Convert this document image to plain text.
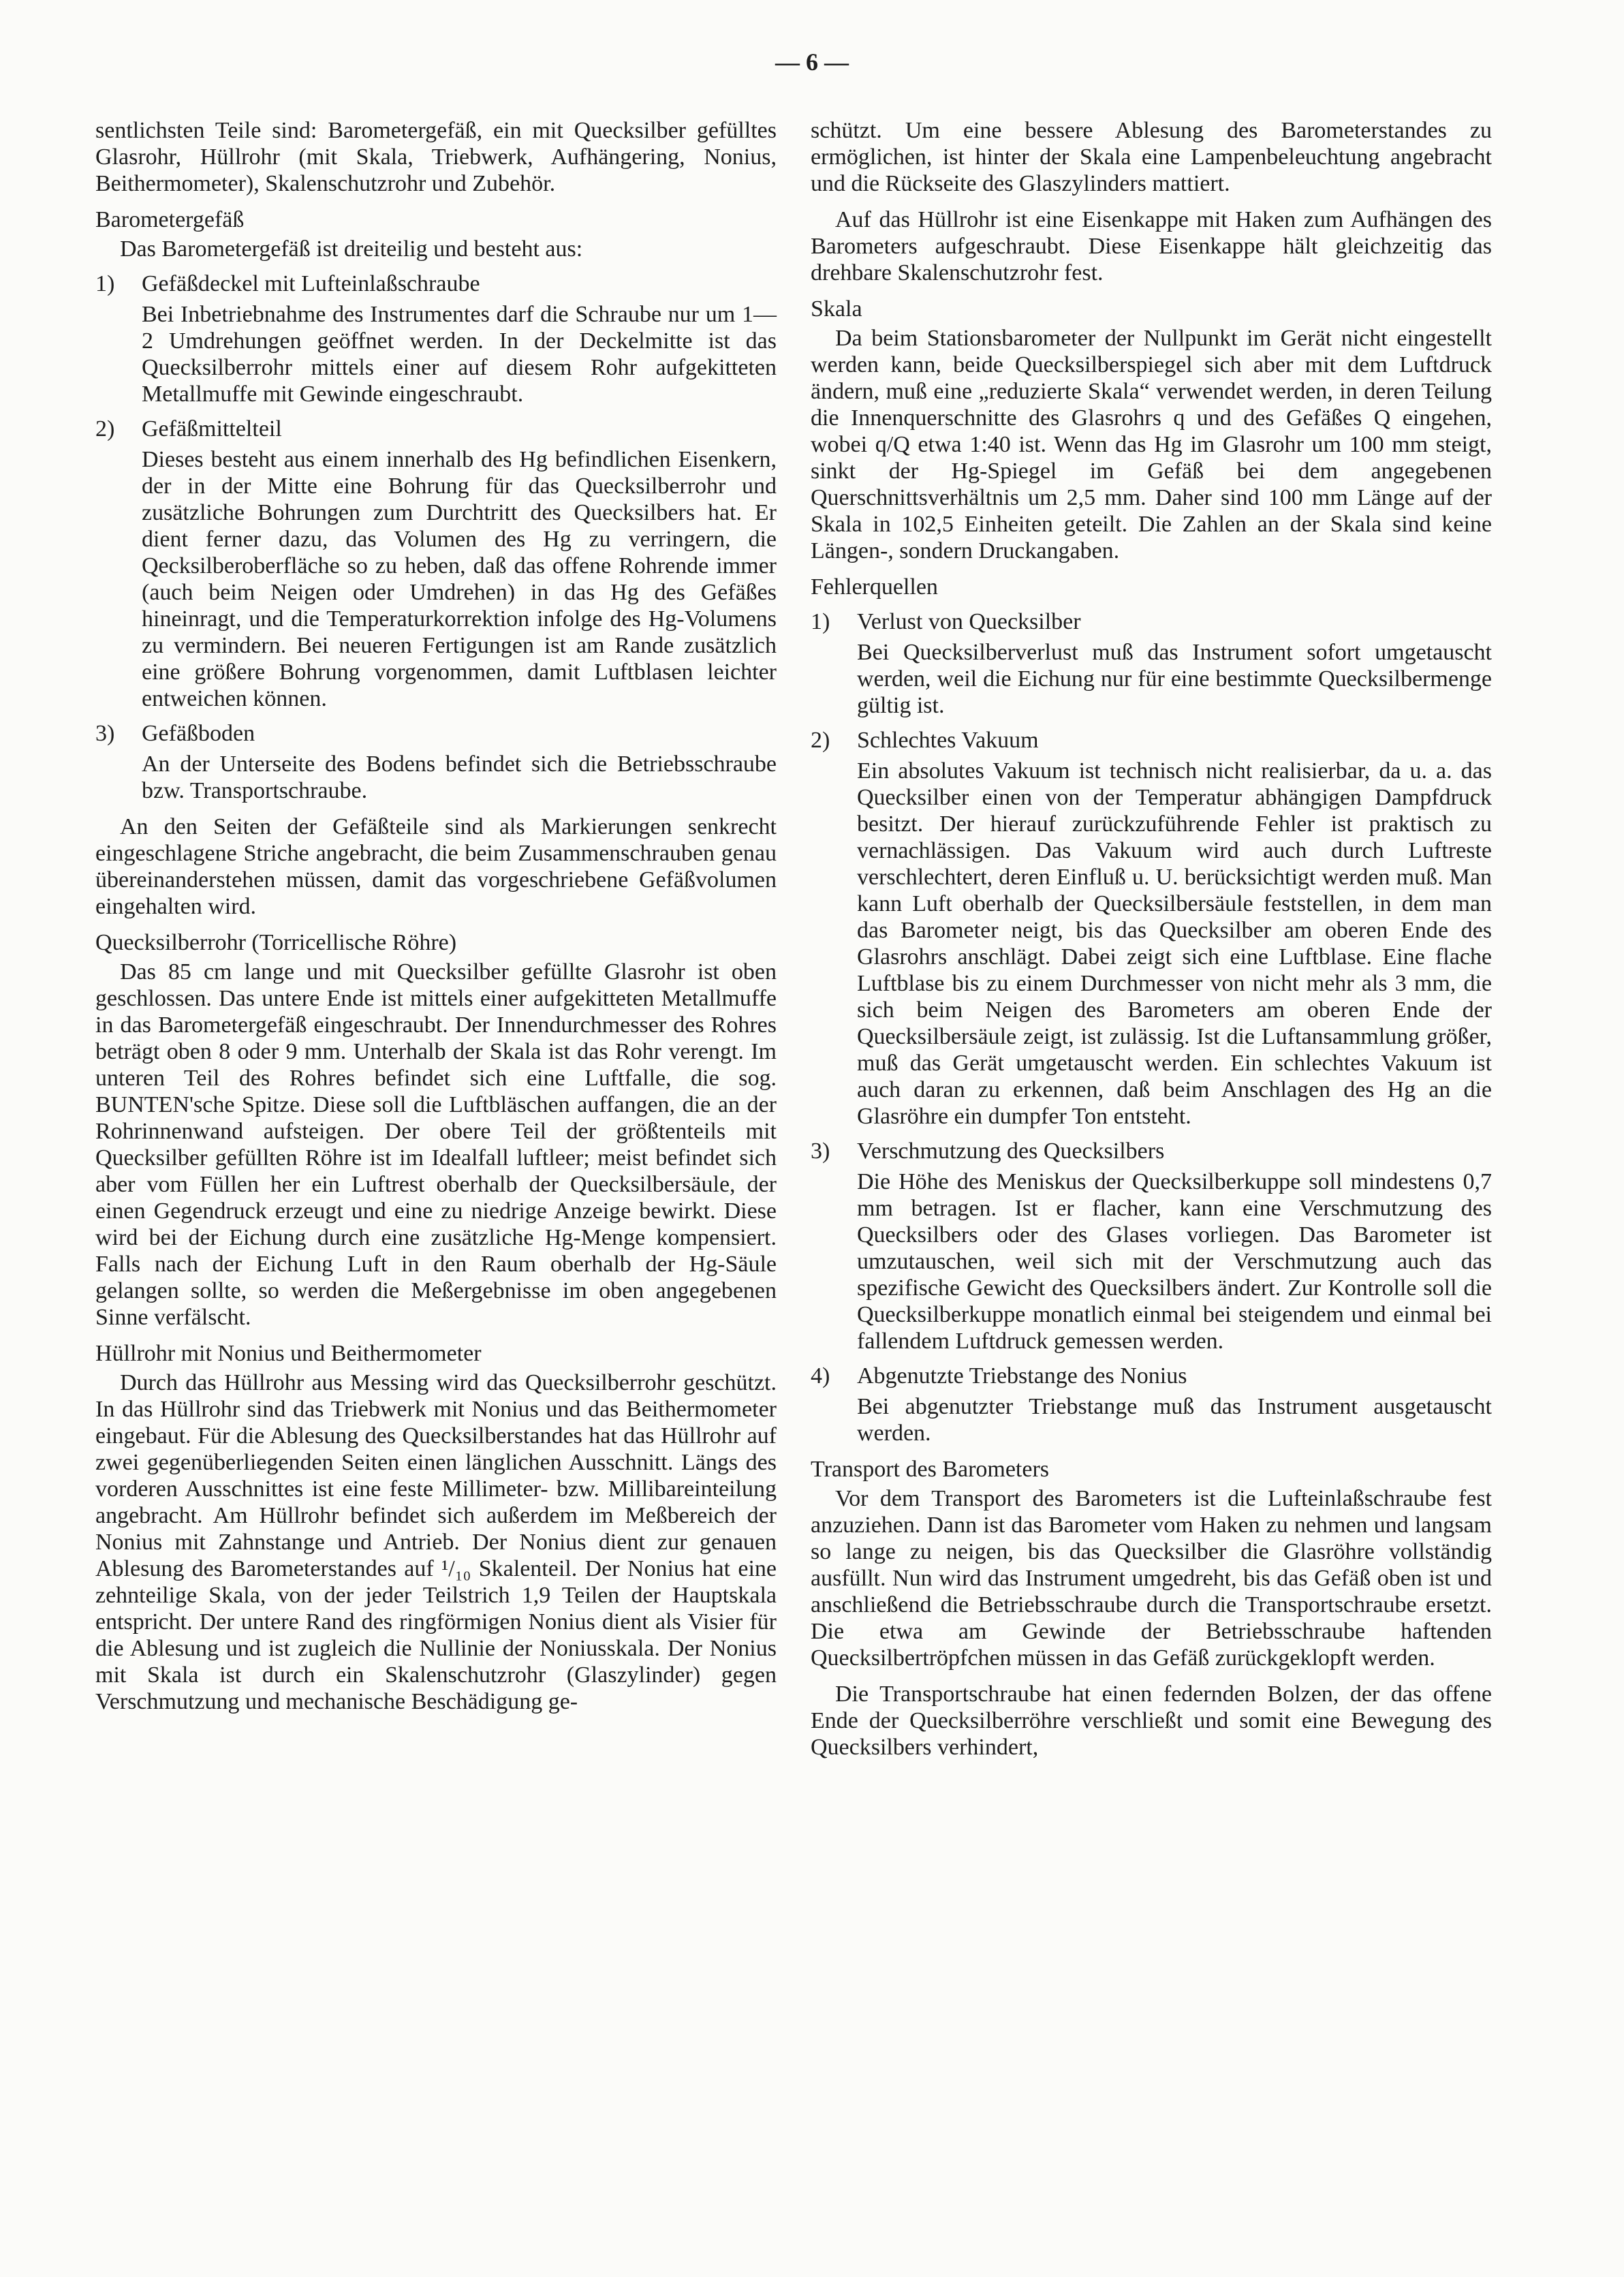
— 6 —

sentlichsten Teile sind: Barometergefäß, ein mit Quecksilber gefülltes Glasrohr, Hüllrohr (mit Skala, Triebwerk, Aufhängering, Nonius, Beithermometer), Skalenschutzrohr und Zubehör.

Barometergefäß

Das Barometergefäß ist dreiteilig und besteht aus:

1)	Gefäßdeckel mit Lufteinlaßschraube

Bei Inbetriebnahme des Instrumentes darf die Schraube nur um 1—2 Umdrehungen geöffnet werden. In der Deckelmitte ist das Quecksilberrohr mittels einer auf diesem Rohr aufgekitteten Metallmuffe mit Gewinde eingeschraubt.

2)	Gefäßmittelteil

Dieses besteht aus einem innerhalb des Hg befindlichen Eisenkern, der in der Mitte eine Bohrung für das Quecksilberrohr und zusätzliche Bohrungen zum Durchtritt des Quecksilbers hat. Er dient ferner dazu, das Volumen des Hg zu verringern, die Qecksilberoberfläche so zu heben, daß das offene Rohrende immer (auch beim Neigen oder Umdrehen) in das Hg des Gefäßes hineinragt, und die Temperaturkorrektion infolge des Hg-Volumens zu vermindern. Bei neueren Fertigungen ist am Rande zusätzlich eine größere Bohrung vorgenommen, damit Luftblasen leichter entweichen können.

3)	Gefäßboden

An der Unterseite des Bodens befindet sich die Betriebsschraube bzw. Transportschraube.

An den Seiten der Gefäßteile sind als Markierungen senkrecht eingeschlagene Striche angebracht, die beim Zusammenschrauben genau übereinanderstehen müssen, damit das vorgeschriebene Gefäßvolumen eingehalten wird.

Quecksilberrohr (Torricellische Röhre)

Das 85 cm lange und mit Quecksilber gefüllte Glasrohr ist oben geschlossen. Das untere Ende ist mittels einer aufgekitteten Metallmuffe in das Barometergefäß eingeschraubt. Der Innendurchmesser des Rohres beträgt oben 8 oder 9 mm. Unterhalb der Skala ist das Rohr verengt. Im unteren Teil des Rohres befindet sich eine Luftfalle, die sog. BUNTEN'sche Spitze. Diese soll die Luftbläschen auffangen, die an der Rohrinnenwand aufsteigen. Der obere Teil der größtenteils mit Quecksilber gefüllten Röhre ist im Idealfall luftleer; meist befindet sich aber vom Füllen her ein Luftrest oberhalb der Quecksilbersäule, der einen Gegendruck erzeugt und eine zu niedrige Anzeige bewirkt. Diese wird bei der Eichung durch eine zusätzliche Hg-Menge kompensiert. Falls nach der Eichung Luft in den Raum oberhalb der Hg-Säule gelangen sollte, so werden die Meßergebnisse im oben angegebenen Sinne verfälscht.

Hüllrohr mit Nonius und Beithermometer

Durch das Hüllrohr aus Messing wird das Quecksilberrohr geschützt. In das Hüllrohr sind das Triebwerk mit Nonius und das Beithermometer eingebaut. Für die Ablesung des Quecksilberstandes hat das Hüllrohr auf zwei gegenüberliegenden Seiten einen länglichen Ausschnitt. Längs des vorderen Ausschnittes ist eine feste Millimeter- bzw. Millibareinteilung angebracht. Am Hüllrohr befindet sich außerdem im Meßbereich der Nonius mit Zahnstange und Antrieb. Der Nonius dient zur genauen Ablesung des Barometerstandes auf ¹/₁₀ Skalenteil. Der Nonius hat eine zehnteilige Skala, von der jeder Teilstrich 1,9 Teilen der Hauptskala entspricht. Der untere Rand des ringförmigen Nonius dient als Visier für die Ablesung und ist zugleich die Nullinie der Noniusskala. Der Nonius mit Skala ist durch ein Skalenschutzrohr (Glaszylinder) gegen Verschmutzung und mechanische Beschädigung ge-

schützt. Um eine bessere Ablesung des Barometerstandes zu ermöglichen, ist hinter der Skala eine Lampenbeleuchtung angebracht und die Rückseite des Glaszylinders mattiert.

Auf das Hüllrohr ist eine Eisenkappe mit Haken zum Aufhängen des Barometers aufgeschraubt. Diese Eisenkappe hält gleichzeitig das drehbare Skalenschutzrohr fest.

Skala

Da beim Stationsbarometer der Nullpunkt im Gerät nicht eingestellt werden kann, beide Quecksilberspiegel sich aber mit dem Luftdruck ändern, muß eine „reduzierte Skala“ verwendet werden, in deren Teilung die Innenquerschnitte des Glasrohrs q und des Gefäßes Q eingehen, wobei q/Q etwa 1:40 ist. Wenn das Hg im Glasrohr um 100 mm steigt, sinkt der Hg-Spiegel im Gefäß bei dem angegebenen Querschnittsverhältnis um 2,5 mm. Daher sind 100 mm Länge auf der Skala in 102,5 Einheiten geteilt. Die Zahlen an der Skala sind keine Längen-, sondern Druckangaben.

Fehlerquellen
1)	Verlust von Quecksilber

Bei Quecksilberverlust muß das Instrument sofort umgetauscht werden, weil die Eichung nur für eine bestimmte Quecksilbermenge gültig ist.

2)	Schlechtes Vakuum

Ein absolutes Vakuum ist technisch nicht realisierbar, da u. a. das Quecksilber einen von der Temperatur abhängigen Dampfdruck besitzt. Der hierauf zurückzuführende Fehler ist praktisch zu vernachlässigen. Das Vakuum wird auch durch Luftreste verschlechtert, deren Einfluß u. U. berücksichtigt werden muß. Man kann Luft oberhalb der Quecksilbersäule feststellen, in dem man das Barometer neigt, bis das Quecksilber am oberen Ende des Glasrohrs anschlägt. Dabei zeigt sich eine Luftblase. Eine flache Luftblase bis zu einem Durchmesser von nicht mehr als 3 mm, die sich beim Neigen des Barometers am oberen Ende der Quecksilbersäule zeigt, ist zulässig. Ist die Luftansammlung größer, muß das Gerät umgetauscht werden. Ein schlechtes Vakuum ist auch daran zu erkennen, daß beim Anschlagen des Hg an die Glasröhre ein dumpfer Ton entsteht.

3)	Verschmutzung des Quecksilbers

Die Höhe des Meniskus der Quecksilberkuppe soll mindestens 0,7 mm betragen. Ist er flacher, kann eine Verschmutzung des Quecksilbers oder des Glases vorliegen. Das Barometer ist umzutauschen, weil sich mit der Verschmutzung auch das spezifische Gewicht des Quecksilbers ändert. Zur Kontrolle soll die Quecksilberkuppe monatlich einmal bei steigendem und einmal bei fallendem Luftdruck gemessen werden.

4)	Abgenutzte Triebstange des Nonius

Bei abgenutzter Triebstange muß das Instrument ausgetauscht werden.

Transport des Barometers

Vor dem Transport des Barometers ist die Lufteinlaßschraube fest anzuziehen. Dann ist das Barometer vom Haken zu nehmen und langsam so lange zu neigen, bis das Quecksilber die Glasröhre vollständig ausfüllt. Nun wird das Instrument umgedreht, bis das Gefäß oben ist und anschließend die Betriebsschraube durch die Transportschraube ersetzt. Die etwa am Gewinde der Betriebsschraube haftenden Quecksilbertröpfchen müssen in das Gefäß zurückgeklopft werden.

Die Transportschraube hat einen federnden Bolzen, der das offene Ende der Quecksilberröhre verschließt und somit eine Bewegung des Quecksilbers verhindert,
